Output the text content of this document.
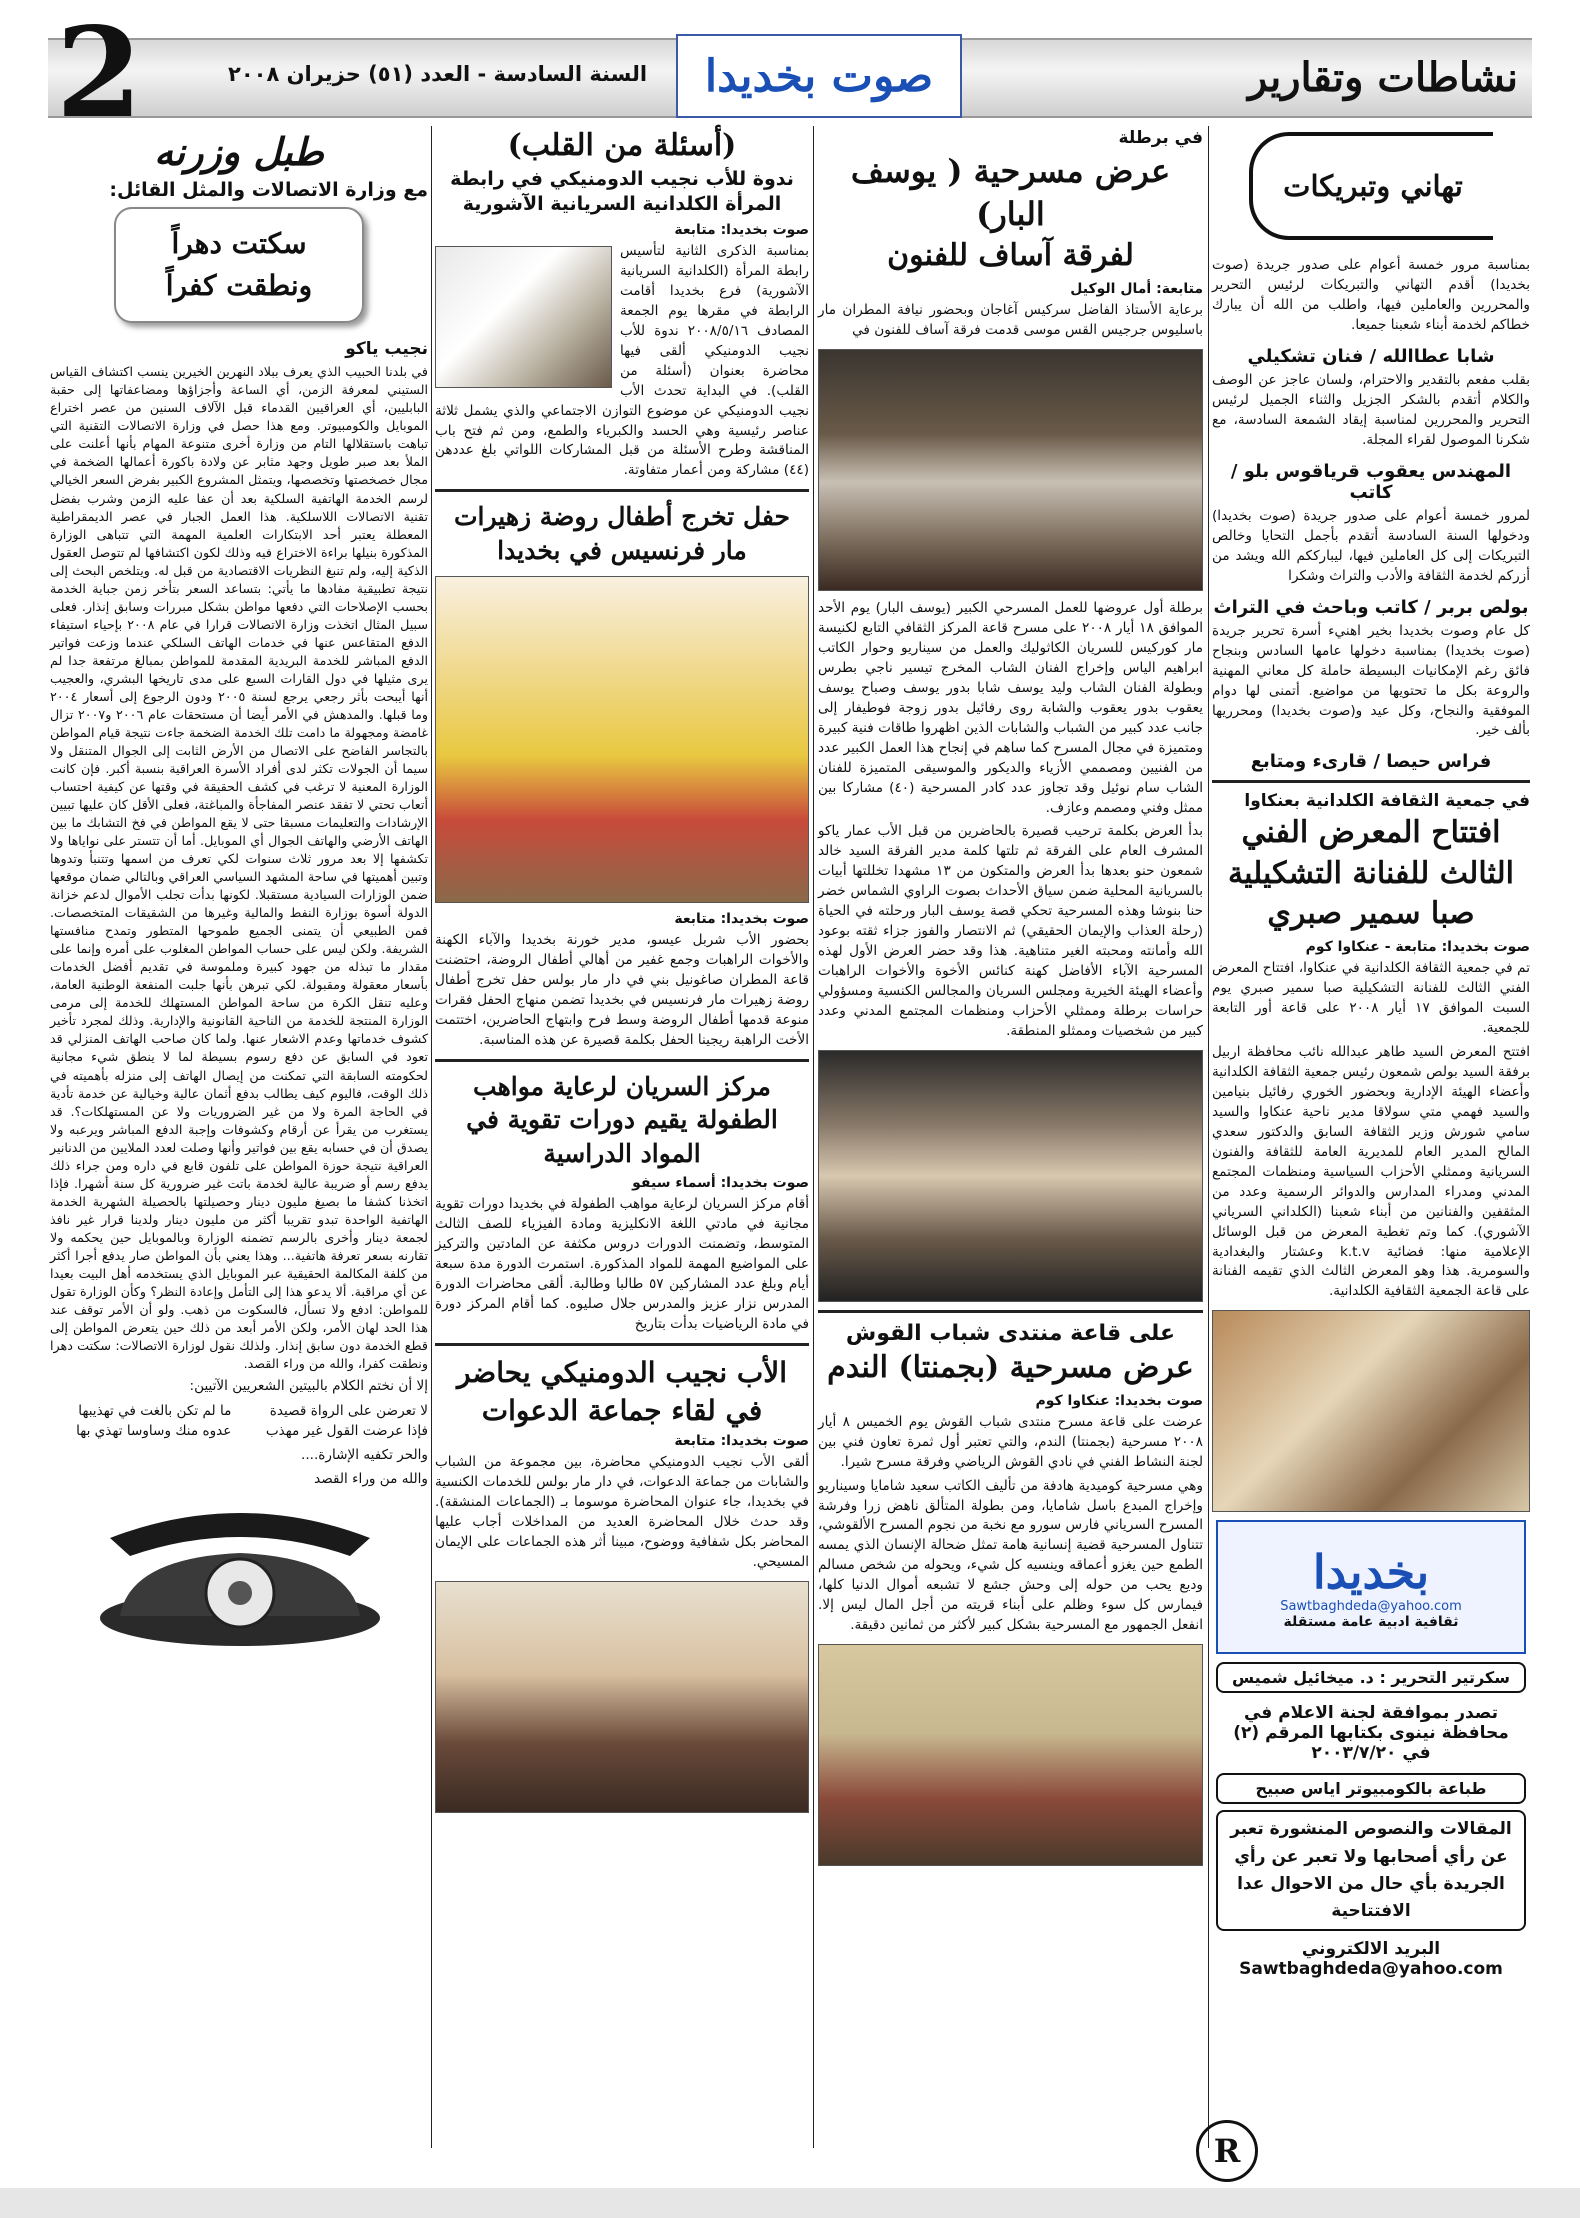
2	السنة السادسة - العدد (٥١) حزيران ٢٠٠٨ صوت بخديدا	نشاطات وتقارير
تهاني وتبريكات

بمناسبة مرور خمسة أعوام على صدور جريدة (صوت بخديدا) أقدم التهاني والتبريكات لرئيس التحرير والمحررين والعاملين فيها، واطلب من الله أن يبارك خطاكم لخدمة أبناء شعبنا جميعا.

شابا عطاالله / فنان تشكيلي

بقلب مفعم بالتقدير والاحترام، ولسان عاجز عن الوصف والكلام أتقدم بالشكر الجزيل والثناء الجميل لرئيس التحرير والمحررين لمناسبة إيقاد الشمعة السادسة، مع شكرنا الموصول لقراء المجلة.

المهندس يعقوب قرياقوس بلو / كاتب

لمرور خمسة أعوام على صدور جريدة (صوت بخديدا) ودخولها السنة السادسة أتقدم بأجمل التحايا وخالص التبريكات إلى كل العاملين فيها، ليبارككم الله ويشد من أزركم لخدمة الثقافة والأدب والتراث وشكرا

بولص بربر / كاتب وباحث في التراث

كل عام وصوت بخديدا بخير اهنيء أسرة تحرير جريدة (صوت بخديدا) بمناسبة دخولها عامها السادس وبنجاح فائق رغم الإمكانيات البسيطة حاملة كل معاني المهنية والروعة بكل ما تحتويها من مواضيع. أتمنى لها دوام الموفقية والنجاح، وكل عيد و(صوت بخديدا) ومحرريها بألف خير.

فراس حيصا / قارىء ومتابع
في جمعية الثقافة الكلدانية بعنكاوا
افتتاح المعرض الفني الثالث للفنانة التشكيلية صبا سمير صبري
صوت بخديدا: متابعة - عنكاوا كوم

تم في جمعية الثقافة الكلدانية في عنكاوا، افتتاح المعرض الفني الثالث للفنانة التشكيلية صبا سمير صبري يوم السبت الموافق ١٧ أيار ٢٠٠٨ على قاعة أور التابعة للجمعية.

افتتح المعرض السيد طاهر عبدالله نائب محافظة اربيل برفقة السيد بولص شمعون رئيس جمعية الثقافة الكلدانية وأعضاء الهيئة الإدارية وبحضور الخوري رفائيل بنيامين والسيد فهمي متي سولاقا مدير ناحية عنكاوا والسيد سامي شورش وزير الثقافة السابق والدكتور سعدي المالح المدير العام للمديرية العامة للثقافة والفنون السريانية وممثلي الأحزاب السياسية ومنظمات المجتمع المدني ومدراء المدارس والدوائر الرسمية وعدد من المثقفين والفنانين من أبناء شعبنا (الكلداني السرياني الآشوري). كما وتم تغطية المعرض من قبل الوسائل الإعلامية منها: فضائية k.t.v وعشتار والبغدادية والسومرية. هذا وهو المعرض الثالث الذي تقيمه الفنانة على قاعة الجمعية الثقافية الكلدانية.

بخديدا
Sawtbaghdeda@yahoo.com
ثقافية ادبية عامة مستقلة
سكرتير التحرير : د. ميخائيل شميس
تصدر بموافقة لجنة الاعلام في محافظة نينوى بكتابها المرقم (٢) في ٢٠٠٣/٧/٢٠
طباعة بالكومبيوتر اياس صبيح
المقالات والنصوص المنشورة تعبر عن رأي أصحابها ولا تعبر عن رأي الجريدة بأي حال من الاحوال عدا الافتتاحية
البريد الالكتروني
Sawtbaghdeda@yahoo.com
في برطلة
عرض مسرحية ( يوسف البار)
لفرقة آساف للفنون
متابعة: أمال الوكيل

برعاية الأستاذ الفاضل سركيس آغاجان وبحضور نيافة المطران مار باسليوس جرجيس القس موسى قدمت فرقة آساف للفنون في

برطلة أول عروضها للعمل المسرحي الكبير (يوسف البار) يوم الأحد الموافق ١٨ أيار ٢٠٠٨ على مسرح قاعة المركز الثقافي التابع لكنيسة مار كوركيس للسريان الكاثوليك والعمل من سيناريو وحوار الكاتب ابراهيم الياس وإخراج الفنان الشاب المخرج تيسير ناجي بطرس وبطولة الفنان الشاب وليد يوسف شابا بدور يوسف وصباح يوسف يعقوب بدور يعقوب والشابة روى رفائيل بدور زوجة فوطيفار إلى جانب عدد كبير من الشباب والشابات الذين اظهروا طاقات فنية كبيرة ومتميزة في مجال المسرح كما ساهم في إنجاح هذا العمل الكبير عدد من الفنيين ومصممي الأزياء والديكور والموسيقى المتميزة للفنان الشاب سام نوئيل وقد تجاوز عدد كادر المسرحية (٤٠) مشاركا بين ممثل وفني ومصمم وعازف.

بدأ العرض بكلمة ترحيب قصيرة بالحاضرين من قبل الأب عمار ياكو المشرف العام على الفرقة ثم تلتها كلمة مدير الفرقة السيد خالد شمعون حنو بعدها بدأ العرض والمتكون من ١٣ مشهدا تخللتها أبيات بالسريانية المحلية ضمن سياق الأحداث بصوت الراوي الشماس خضر حنا بنوشا وهذه المسرحية تحكي قصة يوسف البار ورحلته في الحياة (رحلة العذاب والإيمان الحقيقي) ثم الانتصار والفوز جزاء ثقته بوعود الله وأمانته ومحبته الغير متناهية. هذا وقد حضر العرض الأول لهذه المسرحية الآباء الأفاضل كهنة كنائس الأخوة والأخوات الراهبات وأعضاء الهيئة الخيرية ومجلس السريان والمجالس الكنسية ومسؤولي حراسات برطلة وممثلي الأحزاب ومنظمات المجتمع المدني وعدد كبير من شخصيات وممثلو المنطقة.

على قاعة منتدى شباب القوش
عرض مسرحية (بجمنتا) الندم
صوت بخديدا: عنكاوا كوم

عرضت على قاعة مسرح منتدى شباب القوش يوم الخميس ٨ أيار ٢٠٠٨ مسرحية (بجمنتا) الندم، والتي تعتبر أول ثمرة تعاون فني بين لجنة النشاط الفني في نادي القوش الرياضي وفرقة مسرح شيرا.

وهي مسرحية كوميدية هادفة من تأليف الكاتب سعيد شامايا وسيناريو وإخراج المبدع باسل شامايا، ومن بطولة المتألق ناهض زرا وفرشة المسرح السرياني فارس سورو مع نخبة من نجوم المسرح الألقوشي، تتناول المسرحية قضية إنسانية هامة تمثل ضحالة الإنسان الذي يمسه الطمع حين يغزو أعماقه وينسيه كل شيء، ويحوله من شخص مسالم وديع يحب من حوله إلى وحش جشع لا تشبعه أموال الدنيا كلها، فيمارس كل سوء وظلم على أبناء قريته من أجل المال ليس إلا. انفعل الجمهور مع المسرحية بشكل كبير لأكثر من ثمانين دقيقة.

(أسئلة من القلب)
ندوة للأب نجيب الدومنيكي في رابطة المرأة الكلدانية السريانية الآشورية
صوت بخديدا: متابعة

بمناسبة الذكرى الثانية لتأسيس رابطة المرأة (الكلدانية السريانية الآشورية) فرع بخديدا أقامت الرابطة في مقرها يوم الجمعة المصادف ٢٠٠٨/٥/١٦ ندوة للأب نجيب الدومنيكي ألقى فيها محاضرة بعنوان (أسئلة من القلب). في البداية تحدث الأب نجيب الدومنيكي عن موضوع التوازن الاجتماعي والذي يشمل ثلاثة عناصر رئيسية وهي الحسد والكبرياء والطمع، ومن ثم فتح باب المناقشة وطرح الأسئلة من قبل المشاركات اللواتي بلغ عددهن (٤٤) مشاركة ومن أعمار متفاوتة.

حفل تخرج أطفال روضة زهيرات مار فرنسيس في بخديدا
صوت بخديدا: متابعة

بحضور الأب شربل عيسو، مدير خورنة بخديدا والآباء الكهنة والأخوات الراهبات وجمع غفير من أهالي أطفال الروضة، احتضنت قاعة المطران صاغونيل بني في دار مار بولس حفل تخرج أطفال روضة زهيرات مار فرنسيس في بخديدا تضمن منهاج الحفل فقرات منوعة قدمها أطفال الروضة وسط فرح وابتهاج الحاضرين، اختتمت الأخت الراهبة ريجينا الحفل بكلمة قصيرة عن هذه المناسبة.

مركز السريان لرعاية مواهب الطفولة يقيم دورات تقوية في المواد الدراسية
صوت بخديدا: أسماء سيفو

أقام مركز السريان لرعاية مواهب الطفولة في بخديدا دورات تقوية مجانية في مادتي اللغة الانكليزية ومادة الفيزياء للصف الثالث المتوسط، وتضمنت الدورات دروس مكثفة عن المادتين والتركيز على المواضيع المهمة للمواد المذكورة. استمرت الدورة مدة سبعة أيام وبلغ عدد المشاركين ٥٧ طالبا وطالبة. ألقى محاضرات الدورة المدرس نزار عزيز والمدرس جلال صليوه. كما أقام المركز دورة في مادة الرياضيات بدأت بتاريخ

الأب نجيب الدومنيكي يحاضر في لقاء جماعة الدعوات
صوت بخديدا: متابعة

ألقى الأب نجيب الدومنيكي محاضرة، بين مجموعة من الشباب والشابات من جماعة الدعوات، في دار مار بولس للخدمات الكنسية في بخديدا، جاء عنوان المحاضرة موسوما بـ (الجماعات المنشقة). وقد حدث خلال المحاضرة العديد من المداخلات أجاب عليها المحاضر بكل شفافية ووضوح، مبينا أثر هذه الجماعات على الإيمان المسيحي.

طبل وزرنه
مع وزارة الاتصالات والمثل القائل:
سكتت دهراً
ونطقت كفراً
نجيب ياكو

في بلدنا الحبيب الذي يعرف ببلاد النهرين الخيرين ينسب اكتشاف القياس الستيني لمعرفة الزمن، أي الساعة وأجزاؤها ومضاعفاتها إلى حقبة البابليين، أي العراقيين القدماء قبل الآلاف السنين من عصر اختراع الموبايل والكومبيوتر. ومع هذا حصل في وزارة الاتصالات التقنية التي تباهت باستقلالها التام من وزارة أخرى متنوعة المهام بأنها أعلنت على الملأ بعد صبر طويل وجهد مثابر عن ولادة باكورة أعمالها الضخمة في مجال خصخصتها وتخصصها، ويتمثل المشروع الكبير بفرض السعر الخيالي لرسم الخدمة الهاتفية السلكية بعد أن عفا عليه الزمن وشرب بفضل تقنية الاتصالات اللاسلكية. هذا العمل الجبار في عصر الديمقراطية المعطلة يعتبر أحد الابتكارات العلمية المهمة التي تتباهى الوزارة المذكورة بنيلها براءة الاختراع فيه وذلك لكون اكتشافها لم تتوصل العقول الذكية إليه، ولم تنبغ النظريات الاقتصادية من قبل له. ويتلخص البحث إلى نتيجة تطبيقية مفادها ما يأتي: بتساعد السعر بتأخر زمن جباية الخدمة بحسب الإصلاحات التي دفعها مواطن بشكل مبررات وسابق إنذار. فعلى سبيل المثال اتخذت وزارة الاتصالات قرارا في عام ٢٠٠٨ بإحياء استيفاء الدفع المتقاعس عنها في خدمات الهاتف السلكي عندما وزعت فواتير الدفع المباشر للخدمة البريدية المقدمة للمواطن بمبالغ مرتفعة جدا لم يرى مثيلها في دول القارات السبع على مدى تاريخها البشري، والعجيب أنها أيبحت بأثر رجعي يرجع لسنة ٢٠٠٥ ودون الرجوع إلى أسعار ٢٠٠٤ وما قبلها. والمدهش في الأمر أيضا أن مستحقات عام ٢٠٠٦ و٢٠٠٧ تزال غامضة ومجهولة ما دامت تلك الخدمة الضخمة جاءت نتيجة قيام المواطن بالتجاسر الفاضح على الاتصال من الأرض الثابت إلى الجوال المتنقل ولا سيما أن الجولات تكثر لدى أفراد الأسرة العراقية بنسبة أكبر. فإن كانت الوزارة المعنية لا ترغب في كشف الحقيقة في وقتها عن كيفية احتساب أتعاب تحتي لا تفقد عنصر المفاجأة والمباغتة، فعلى الأقل كان عليها تبيين الإرشادات والتعليمات مسبقا حتى لا يقع المواطن في فخ التشابك ما بين الهاتف الأرضي والهاتف الجوال أي الموبايل. أما أن تتستر على نواياها ولا تكشفها إلا بعد مرور ثلاث سنوات لكي تعرف من اسمها وتتنبأ وتدوها وتبين أهميتها في ساحة المشهد السياسي العراقي وبالتالي ضمان موقعها ضمن الوزارات السيادية مستقبلا. لكونها بدأت تجلب الأموال لدعم خزانة الدولة أسوة بوزارة النفط والمالية وغيرها من الشقيقات المتخصصات. فمن الطبيعي أن يتمنى الجميع طموحها المتطور وتمدح منافستها الشريفة. ولكن ليس على حساب المواطن المغلوب على أمره وإنما على مقدار ما تبذله من جهود كبيرة وملموسة في تقديم أفضل الخدمات بأسعار معقولة ومقبولة. لكي تبرهن بأنها جلبت المنفعة الوطنية العامة، وعليه تنقل الكرة من ساحة المواطن المستهلك للخدمة إلى مرمى الوزارة المنتجة للخدمة من الناحية القانونية والإدارية. وذلك لمجرد تأخير كشوف خدماتها وعدم الاشعار عنها. ولما كان صاحب الهاتف المنزلي قد تعود في السابق عن دفع رسوم بسيطة لما لا ينطق شيء مجانية لحكومته السابقة التي تمكنت من إيصال الهاتف إلى منزله بأهميته في ذلك الوقت، فاليوم كيف يطالب بدفع أثمان عالية وخيالية عن خدمة تأدية في الحاجة المرة ولا من غير الضروريات ولا عن المستهلكات؟. قد يستغرب من يقرأ عن أرقام وكشوفات وإجبة الدفع المباشر ويرعبه ولا يصدق أن في حسابه يقع بين فواتير وأنها وصلت لعدد الملايين من الدنانير العراقية نتيجة حوزة المواطن على تلفون قابع في داره ومن جراء ذلك يدفع رسم أو ضريبة عالية لخدمة باتت غير ضرورية كل سنة أشهرا. فإذا اتخذنا كشفا ما بصيغ مليون دينار وحصيلتها بالحصيلة الشهرية الخدمة الهاتفية الواحدة تبدو تقريبا أكثر من مليون دينار ولدينا قرار غير نافذ لجمعة دينار وأخرى بالرسم تضمنه الوزارة وبالموبايل حين يحكمه ولا تقارنه بسعر تعرفة هاتفية... وهذا يعني بأن المواطن صار يدفع أجرا أكثر من كلفة المكالمة الحقيقية عبر الموبايل الذي يستخدمه أهل البيت بعيدا عن أي مراقبة. ألا يدعو هذا إلى التأمل وإعادة النظر؟ وكأن الوزارة تقول للمواطن: ادفع ولا تسأل، فالسكوت من ذهب. ولو أن الأمر توقف عند هذا الحد لهان الأمر، ولكن الأمر أبعد من ذلك حين يتعرض المواطن إلى قطع الخدمة دون سابق إنذار. ولذلك نقول لوزارة الاتصالات: سكتت دهرا ونطقت كفرا، والله من وراء القصد.

إلا أن نختم الكلام بالبيتين الشعريين الآتيين:

لا تعرضن على الرواة قصيدة
ما لم تكن بالغت في تهذيبها
فإذا عرضت القول غير مهذب
عدوه منك وساوسا تهذي بها

والحر تكفيه الإشارة....

والله من وراء القصد

R
